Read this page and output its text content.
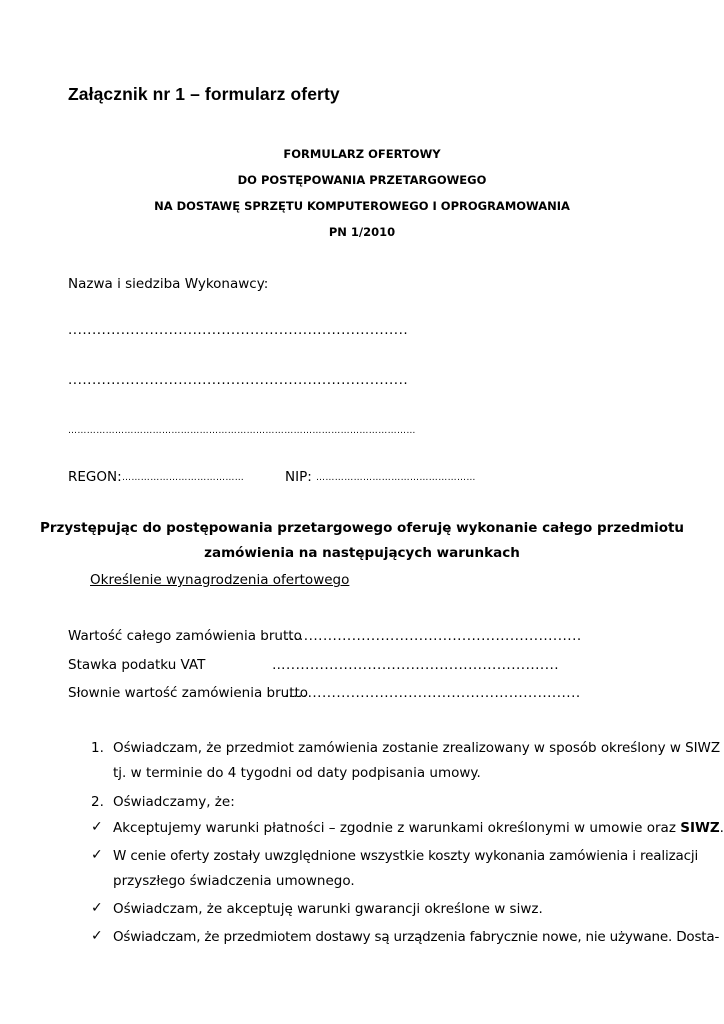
Załącznik nr 1 – formularz oferty
FORMULARZ OFERTOWY
DO POSTĘPOWANIA PRZETARGOWEGO
NA DOSTAWĘ SPRZĘTU KOMPUTEROWEGO I OPROGRAMOWANIA
PN 1/2010
Nazwa i siedziba Wykonawcy:
.......................................................................
.......................................................................
…………………………………………………………………………………………………
REGON: …………………………………	NIP: ……………………………………………
Przystępując do postępowania przetargowego oferuję wykonanie całego przedmiotu
zamówienia na następujących warunkach
Określenie wynagrodzenia ofertowego
Wartość całego zamówienia brutto
…...........................................................
Stawka podatku VAT	….........................................................
Słownie wartość zamówienia brutto
…...........................................................
1. Oświadczam, że przedmiot zamówienia zostanie zrealizowany w sposób określony w SIWZ
tj. w terminie do 4 tygodni od daty podpisania umowy.
2. Oświadczamy, że:
✓ Akceptujemy warunki płatności – zgodnie z warunkami określonymi w umowie oraz SIWZ.
✓ W cenie oferty zostały uwzględnione wszystkie koszty wykonania zamówienia i realizacji
przyszłego świadczenia umownego.
✓ Oświadczam, że akceptuję warunki gwarancji określone w siwz.
✓ Oświadczam, że przedmiotem dostawy są urządzenia fabrycznie nowe, nie używane. Dosta-
